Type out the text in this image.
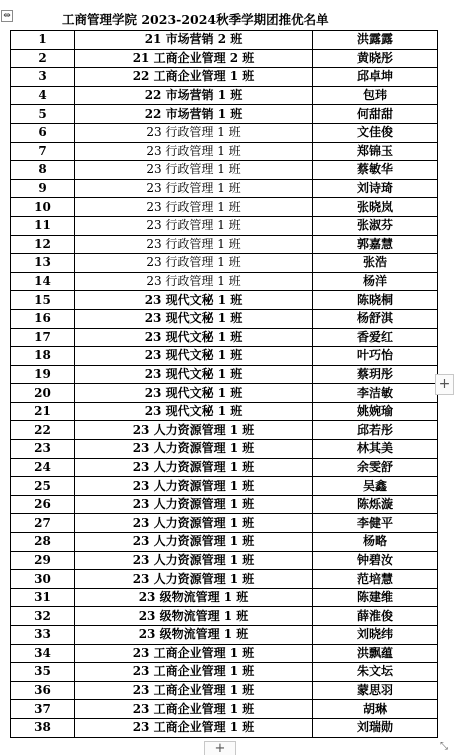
⇹	工商管理学院 2023-2024秋季学期团推优名单
1	21 市场营销 2 班	洪露露
2	21 工商企业管理 2 班	黄晓彤
3	22 工商企业管理 1 班	邱卓坤
4	22 市场营销 1 班	包玮
5	22 市场营销 1 班	何甜甜
6	23 行政管理 1 班	文佳俊
7	23 行政管理 1 班	郑锦玉
8	23 行政管理 1 班	蔡敏华
9	23 行政管理 1 班	刘诗琦
10	23 行政管理 1 班	张晓岚
11	23 行政管理 1 班	张淑芬
12	23 行政管理 1 班	郭嘉慧
13	23 行政管理 1 班	张浩
14	23 行政管理 1 班	杨洋
15	23 现代文秘 1 班	陈晓桐
16	23 现代文秘 1 班	杨舒淇
17	23 现代文秘 1 班	香爱红
18	23 现代文秘 1 班	叶巧怡
19	23 现代文秘 1 班	蔡玥彤
20	23 现代文秘 1 班	李洁敏
21	23 现代文秘 1 班	姚婉瑜
22	23 人力资源管理 1 班	邱若彤
23	23 人力资源管理 1 班	林其美
24	23 人力资源管理 1 班	余雯舒
25	23 人力资源管理 1 班	吴鑫
26	23 人力资源管理 1 班	陈烁漩
27	23 人力资源管理 1 班	李健平
28	23 人力资源管理 1 班	杨略
29	23 人力资源管理 1 班	钟碧汝
30	23 人力资源管理 1 班	范培慧
31	23 级物流管理 1 班	陈建维
32	23 级物流管理 1 班	薛淮俊
33	23 级物流管理 1 班	刘晓纬
34	23 工商企业管理 1 班	洪飘蕴
35	23 工商企业管理 1 班	朱文坛
36	23 工商企业管理 1 班	蒙思羽
37	23 工商企业管理 1 班	胡琳
38	23 工商企业管理 1 班	刘瑞勋
+
+	⤡
